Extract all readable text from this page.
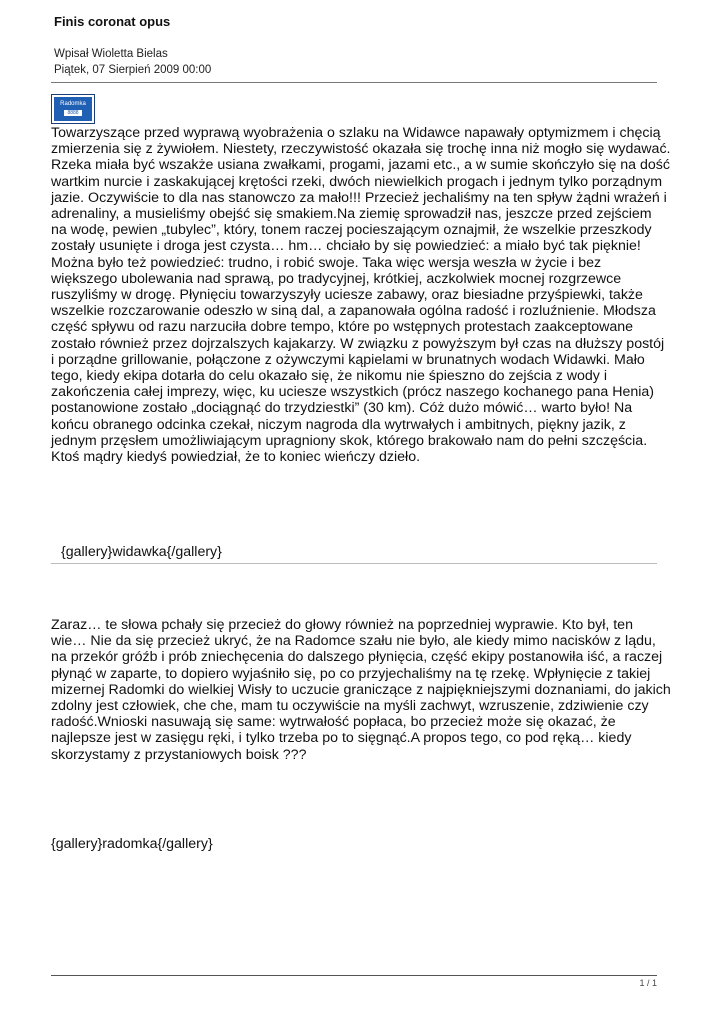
Finis coronat opus
Wpisał Wioletta Bielas
Piątek, 07 Sierpień 2009 00:00
Radomka
8888

Towarzyszące przed wyprawą wyobrażenia o szlaku na Widawce napawały optymizmem i chęcią zmierzenia się z żywiołem. Niestety, rzeczywistość okazała się trochę inna niż mogło się wydawać. Rzeka miała być wszakże usiana zwałkami, progami, jazami etc., a w sumie skończyło się na dość wartkim nurcie i zaskakującej krętości rzeki, dwóch niewielkich progach i jednym tylko porządnym jazie. Oczywiście to dla nas stanowczo za mało!!! Przecież jechaliśmy na ten spływ żądni wrażeń i adrenaliny, a musieliśmy obejść się smakiem.Na ziemię sprowadził nas, jeszcze przed zejściem na wodę, pewien „tubylec”, który, tonem raczej pocieszającym oznajmił, że wszelkie przeszkody zostały usunięte i droga jest czysta… hm… chciało by się powiedzieć: a miało być tak pięknie! Można było też powiedzieć: trudno, i robić swoje. Taka więc wersja weszła w życie i bez większego ubolewania nad sprawą, po tradycyjnej, krótkiej, aczkolwiek mocnej rozgrzewce ruszyliśmy w drogę. Płynięciu towarzyszyły uciesze zabawy, oraz biesiadne przyśpiewki, także wszelkie rozczarowanie odeszło w siną dal, a zapanowała ogólna radość i rozluźnienie. Młodsza część spływu od razu narzuciła dobre tempo, które po wstępnych protestach zaakceptowane zostało również przez dojrzalszych kajakarzy. W związku z powyższym był czas na dłuższy postój i porządne grillowanie, połączone z ożywczymi kąpielami w brunatnych wodach Widawki. Mało tego, kiedy ekipa dotarła do celu okazało się, że nikomu nie śpieszno do zejścia z wody i zakończenia całej imprezy, więc, ku uciesze wszystkich (prócz naszego kochanego pana Henia) postanowione zostało „dociągnąć do trzydziestki” (30 km). Cóż dużo mówić… warto było! Na końcu obranego odcinka czekał, niczym nagroda dla wytrwałych i ambitnych, piękny jazik, z jednym przęsłem umożliwiającym upragniony skok, którego brakowało nam do pełni szczęścia. Ktoś mądry kiedyś powiedział, że to koniec wieńczy dzieło.

{gallery}widawka{/gallery}

Zaraz… te słowa pchały się przecież do głowy również na poprzedniej wyprawie. Kto był, ten wie… Nie da się przecież ukryć, że na Radomce szału nie było, ale kiedy mimo nacisków z lądu, na przekór gróźb i prób zniechęcenia do dalszego płynięcia, część ekipy postanowiła iść, a raczej płynąć w zaparte, to dopiero wyjaśniło się, po co przyjechaliśmy na tę rzekę. Wpłynięcie z takiej mizernej Radomki do wielkiej Wisły to uczucie graniczące z najpiękniejszymi doznaniami, do jakich zdolny jest człowiek, che che, mam tu oczywiście na myśli zachwyt, wzruszenie, zdziwienie czy radość.Wnioski nasuwają się same: wytrwałość popłaca, bo przecież może się okazać, że najlepsze jest w zasięgu ręki, i tylko trzeba po to sięgnąć.A propos tego, co pod ręką… kiedy skorzystamy z przystaniowych boisk ???

{gallery}radomka{/gallery}

1 / 1
